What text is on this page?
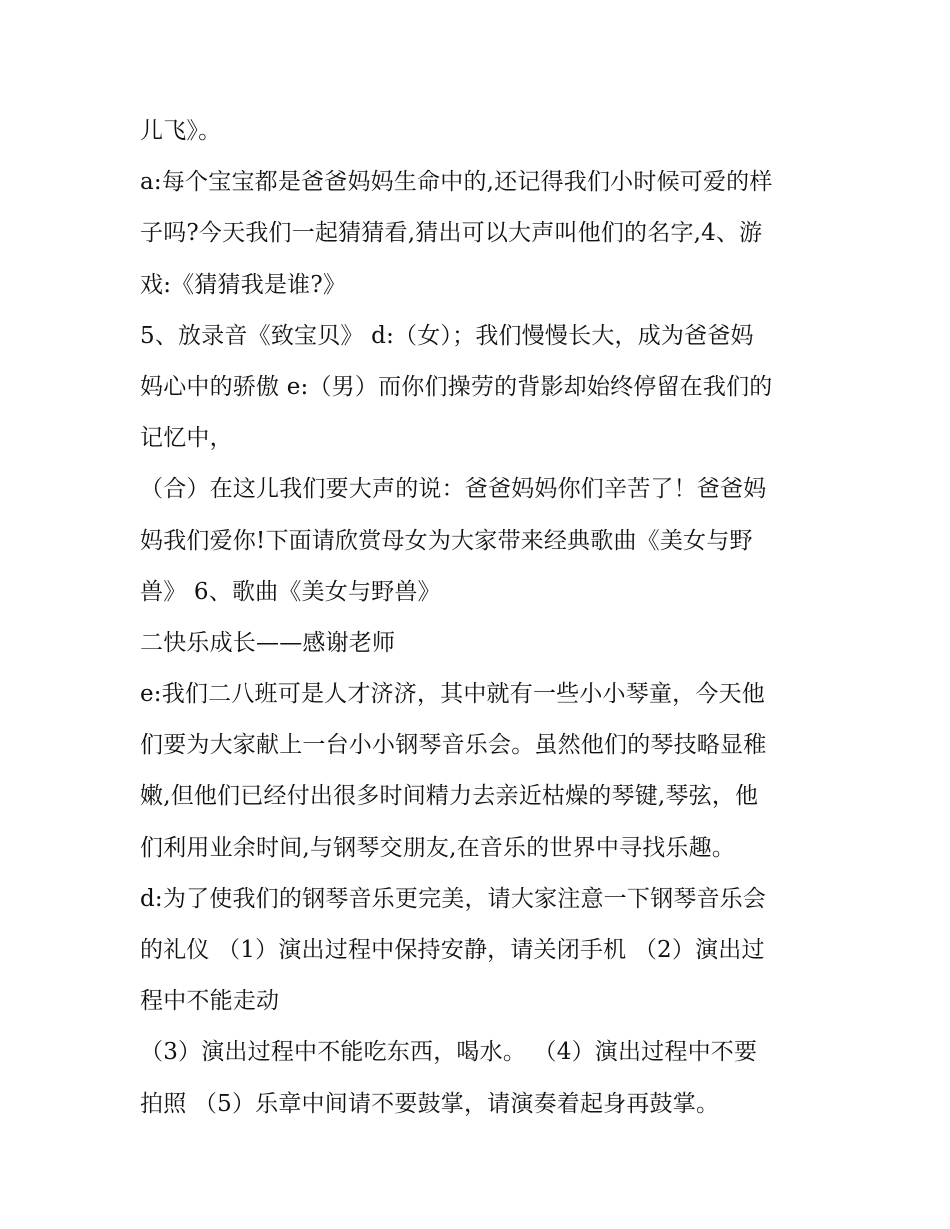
儿飞》。
a:每个宝宝都是爸爸妈妈生命中的,还记得我们小时候可爱的样
子吗?今天我们一起猜猜看,猜出可以大声叫他们的名字,4、游
戏:《猜猜我是谁?》
5、放录音《致宝贝》 d:（女）；我们慢慢长大，成为爸爸妈
妈心中的骄傲 e:（男）而你们操劳的背影却始终停留在我们的
记忆中，
（合）在这儿我们要大声的说：爸爸妈妈你们辛苦了！爸爸妈
妈我们爱你!下面请欣赏母女为大家带来经典歌曲《美女与野
兽》 6、歌曲《美女与野兽》
二快乐成长——感谢老师
e:我们二八班可是人才济济，其中就有一些小小琴童，今天他
们要为大家献上一台小小钢琴音乐会。虽然他们的琴技略显稚
嫩,但他们已经付出很多时间精力去亲近枯燥的琴键,琴弦，他
们利用业余时间,与钢琴交朋友,在音乐的世界中寻找乐趣。
d:为了使我们的钢琴音乐更完美，请大家注意一下钢琴音乐会
的礼仪 （1）演出过程中保持安静，请关闭手机 （2）演出过
程中不能走动
（3）演出过程中不能吃东西，喝水。 （4）演出过程中不要
拍照 （5）乐章中间请不要鼓掌，请演奏着起身再鼓掌。
